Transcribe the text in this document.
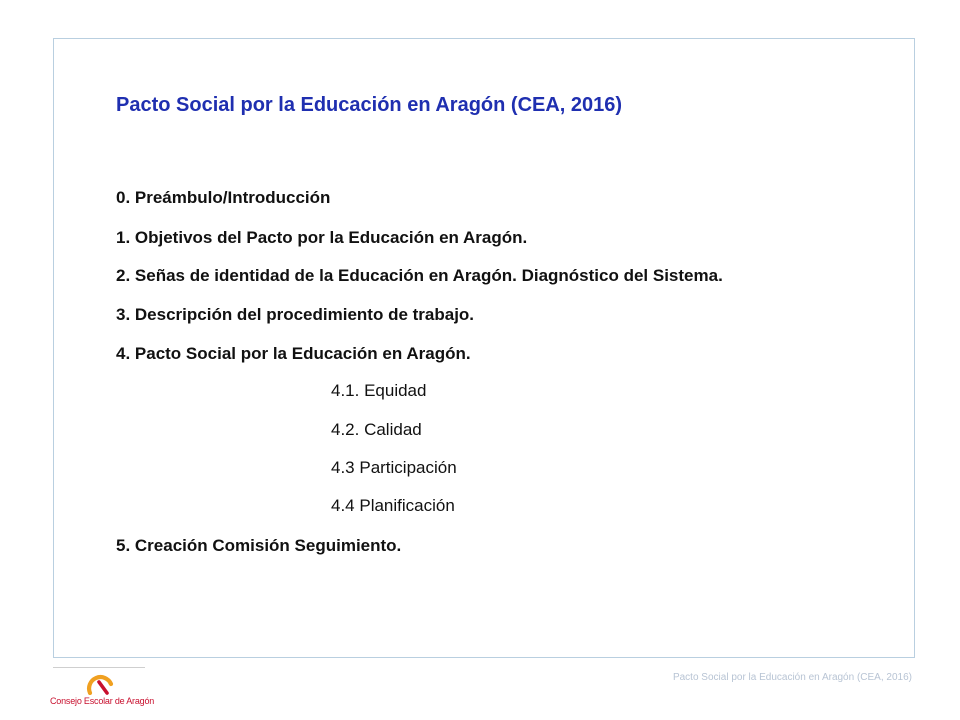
Pacto Social por la Educación en Aragón (CEA, 2016)
0. Preámbulo/Introducción
1. Objetivos del Pacto por la Educación en Aragón.
2. Señas de identidad de la Educación en Aragón. Diagnóstico del Sistema.
3. Descripción del procedimiento de trabajo.
4. Pacto Social por la Educación en Aragón.
4.1. Equidad
4.2. Calidad
4.3 Participación
4.4 Planificación
5. Creación Comisión Seguimiento.
Consejo Escolar de Aragón
Pacto Social por la Educación en Aragón (CEA, 2016)
